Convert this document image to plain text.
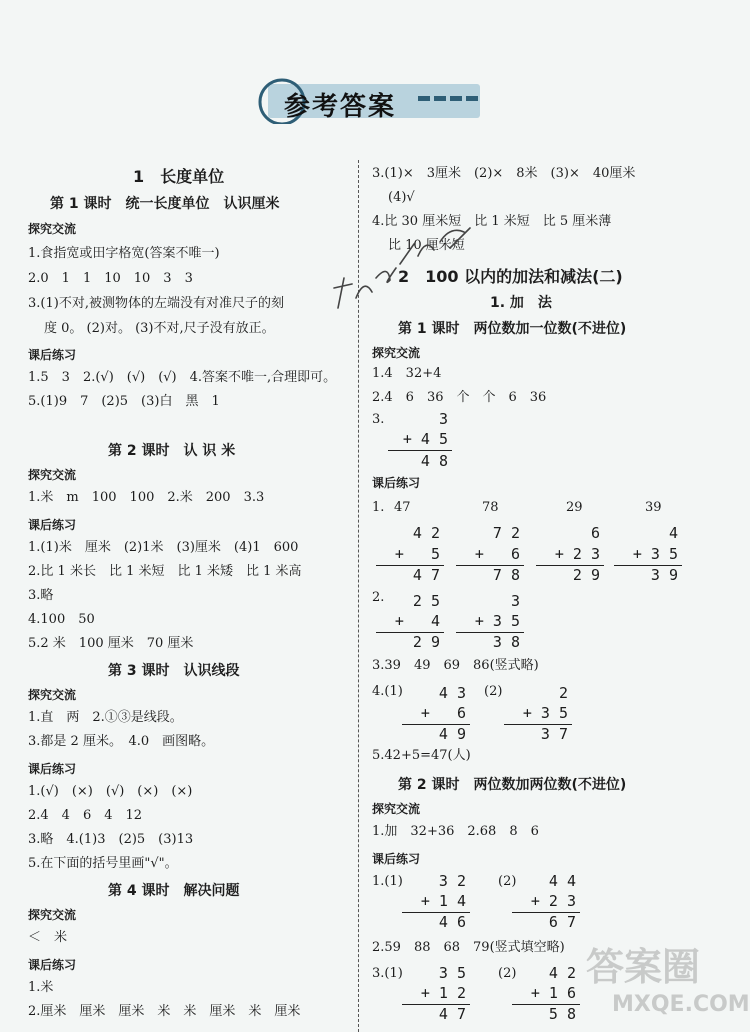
参考答案
1　长度单位
第 1 课时　统一长度单位　认识厘米
探究交流
1.食指宽或田字格宽(答案不唯一)
2.0　1　1　10　10　3　3
3.(1)不对,被测物体的左端没有对准尺子的刻
度 0。 (2)对。 (3)不对,尺子没有放正。
课后练习
1.5　3　2.(√)　(√)　(√)　4.答案不唯一,合理即可。
5.(1)9　7　(2)5　(3)白　黑　1
第 2 课时　认 识 米
探究交流
1.米　m　100　100　2.米　200　3.3
课后练习
1.(1)米　厘米　(2)1米　(3)厘米　(4)1　600
2.比 1 米长　比 1 米短　比 1 米矮　比 1 米高
3.略
4.100　50
5.2 米　100 厘米　70 厘米
第 3 课时　认识线段
探究交流
1.直　两　2.①③是线段。
3.都是 2 厘米。　4.0　画图略。
课后练习
1.(√)　(×)　(√)　(×)　(×)
2.4　4　6　4　12
3.略　4.(1)3　(2)5　(3)13
5.在下面的括号里画"√"。
第 4 课时　解决问题
探究交流
＜　米
课后练习
1.米
2.厘米　厘米　厘米　米　米　厘米　米　厘米
3.(1)×　3厘米　(2)×　8米　(3)×　40厘米
(4)√
4.比 30 厘米短　比 1 米短　比 5 厘米薄
比 10 厘米短
2　100 以内的加法和减法(二)
1. 加　法
第 1 课时　两位数加一位数(不进位)
探究交流
1.4　32+4
2.4　6　36　个　个　6　36
3.	3
+ 4 5
4 8
课后练习
1. 47	78	29	39
4 2
+   5
4 7
7 2
+   6
7 8
6
+ 2 3
2 9
4
+ 3 5
3 9
2.	2 5
+   4
2 9
3
+ 3 5
3 8
3.39　49　69　86(竖式略)
4.(1)	(2)
4 3
+   6
4 9
2
+ 3 5
3 7
5.42+5=47(人)
第 2 课时　两位数加两位数(不进位)
探究交流
1.加　32+36　2.68　8　6
课后练习
1.(1)	(2)
3 2
+ 1 4
4 6
4 4
+ 2 3
6 7
2.59　88　68　79(竖式填空略)
3.(1)	(2)
3 5
+ 1 2
4 7
4 2
+ 1 6
5 8
答案圈
MXQE.COM
